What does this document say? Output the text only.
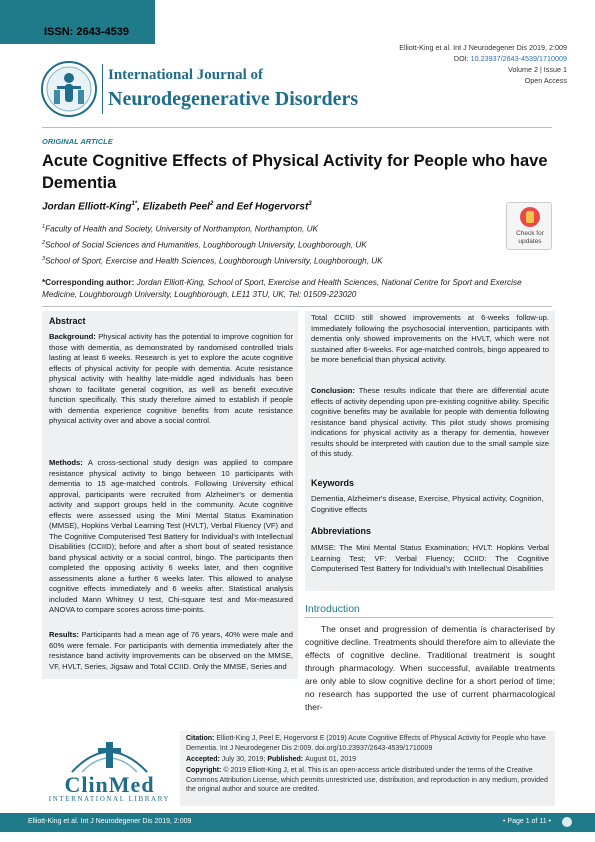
ISSN: 2643-4539
Elliott-King et al. Int J Neurodegener Dis 2019, 2:009
DOI: 10.23937/2643-4539/1710009
Volume 2 | Issue 1
Open Access
International Journal of
Neurodegenerative Disorders
ORIGINAL ARTICLE
Acute Cognitive Effects of Physical Activity for People who have
Dementia
Jordan Elliott-King$^{1*}$, Elizabeth Peel$^2$ and Eef Hogervorst$^3$
$^1$Faculty of Health and Society, University of Northampton, Northampton, UK
$^2$School of Social Sciences and Humanities, Loughborough University, Loughborough, UK
$^3$School of Sport, Exercise and Health Sciences, Loughborough University, Loughborough, UK
Check for
updates
*Corresponding author: Jordan Elliott-King, School of Sport, Exercise and Health Sciences, National Centre for Sport and Exercise Medicine, Loughborough University, Loughborough, LE11 3TU, UK, Tel: 01509-223020
Abstract
Background: Physical activity has the potential to improve cognition for those with dementia, as demonstrated by randomised controlled trials lasting at least 6 weeks. Research is yet to explore the acute cognitive effects of physical activity for people with dementia. Acute resistance physical activity with healthy late-middle aged individuals has been shown to facilitate general cognition, as well as benefit executive function specifically. This study therefore aimed to establish if people with dementia experience cognitive benefits from acute resistance physical activity over and above a social control.
Methods: A cross-sectional study design was applied to compare resistance physical activity to bingo between 10 participants with dementia to 15 age-matched controls. Following University ethical approval, participants were recruited from Alzheimer's or dementia activity and support groups held in the community. Acute cognitive effects were assessed using the Mini Mental Status Examination (MMSE), Hopkins Verbal Learning Test (HVLT), Verbal Fluency (VF) and The Cognitive Computerised Test Battery for Individual's with Intellectual Disabilities (CCIID); before and after a short bout of seated resistance band physical activity or a social control, bingo. The participants then completed the opposing activity 6 weeks later, and then cognitive assessments alone a further 6 weeks later. This allowed to analyse cognitive effects immediately and 6 weeks after. Statistical analysis included Mann Whitney U test, Chi-square test and Mix-measured ANOVA to compare scores across time-points.
Results: Participants had a mean age of 76 years, 40% were male and 60% were female. For participants with dementia immediately after the resistance band activity improvements can be observed on the MMSE, VF, HVLT, Series, Jigsaw and Total CCIID. Only the MMSE, Series and
Total CCIID still showed improvements at 6-weeks follow-up. Immediately following the psychosocial intervention, participants with dementia only showed improvements on the HVLT, which were not sustained after 6-weeks. For age-matched controls, bingo appeared to be more beneficial than physical activity.
Conclusion: These results indicate that there are differential acute effects of activity depending upon pre-existing cognitive ability. Specific cognitive benefits may be available for people with dementia following resistance band physical activity. This pilot study shows promising indications for physical activity as a therapy for dementia, however results should be interpreted with caution due to the small sample size of this study.
Keywords
Dementia, Alzheimer's disease, Exercise, Physical activity, Cognition, Cognitive effects
Abbreviations
MMSE: The Mini Mental Status Examination; HVLT: Hopkins Verbal Learning Test; VF: Verbal Fluency; CCIID: The Cognitive Computerised Test Battery for Individual's with Intellectual Disabilities
Introduction
The onset and progression of dementia is characterised by cognitive decline. Treatments should therefore aim to alleviate the effects of cognitive decline. Traditional treatment is sought through pharmacology. When successful, available treatments are only able to slow cognitive decline for a short period of time; no research has supported the use of current pharmacological ther-
ClinMed
INTERNATIONAL LIBRARY
Citation: Elliott-King J, Peel E, Hogervorst E (2019) Acute Cognitive Effects of Physical Activity for People who have Dementia. Int J Neurodegener Dis 2:009. doi.org/10.23937/2643-4539/1710009
Accepted: July 30, 2019; Published: August 01, 2019
Copyright: © 2019 Elliott-King J, et al. This is an open-access article distributed under the terms of the Creative Commons Attribution License, which permits unrestricted use, distribution, and reproduction in any medium, provided the original author and source are credited.
Elliott-King et al. Int J Neurodegener Dis 2019, 2:009	• Page 1 of 11 •
